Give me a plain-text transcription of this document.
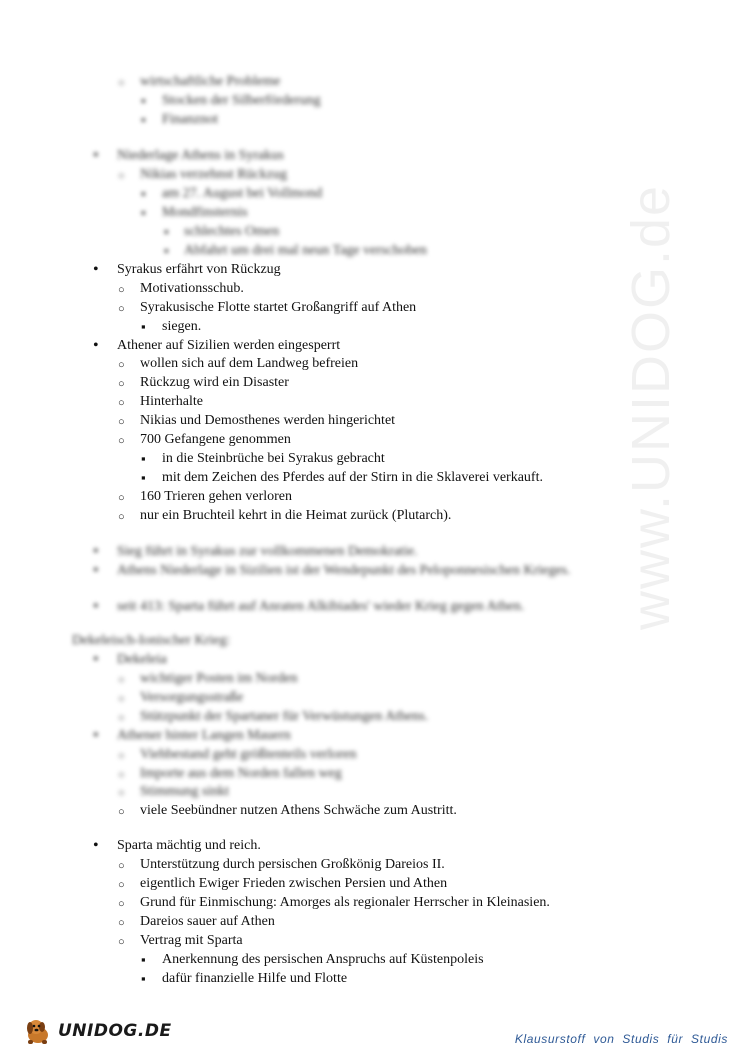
www.UNIDOG.de
○
wirtschaftliche Probleme
▪
Stocken der Silberförderung
▪
Finanznot
•
Niederlage Athens in Syrakus
○
Nikias verzehnst Rückzug
▪
am 27. August bei Vollmond
▪
Mondfinsternis
▪
schlechtes Omen
▪
Abfahrt um drei mal neun Tage verschoben
•
Syrakus erfährt von Rückzug
○
Motivationsschub.
○
Syrakusische Flotte startet Großangriff auf Athen
▪
siegen.
•
Athener auf Sizilien werden eingesperrt
○
wollen sich auf dem Landweg befreien
○
Rückzug wird ein Disaster
○
Hinterhalte
○
Nikias und Demosthenes werden hingerichtet
○
700 Gefangene genommen
▪
in die Steinbrüche bei Syrakus gebracht
▪
mit dem Zeichen des Pferdes auf der Stirn in die Sklaverei verkauft.
○
160 Trieren gehen verloren
○
nur ein Bruchteil kehrt in die Heimat zurück (Plutarch).
•
Sieg führt in Syrakus zur vollkommenen Demokratie.
•
Athens Niederlage in Sizilien ist der Wendepunkt des Peloponnesischen Krieges.
•
seit 413: Sparta führt auf Anraten Alkibiades' wieder Krieg gegen Athen.
Dekeleisch-Ionischer Krieg:
•
Dekeleia
○
wichtiger Posten im Norden
○
Versorgungsstraße
○
Stützpunkt der Spartaner für Verwüstungen Athens.
•
Athener hinter Langen Mauern
○
Viehbestand geht größtenteils verloren
○
Importe aus dem Norden fallen weg
○
Stimmung sinkt
○
viele Seebündner nutzen Athens Schwäche zum Austritt.
•
Sparta mächtig und reich.
○
Unterstützung durch persischen Großkönig Dareios II.
○
eigentlich Ewiger Frieden zwischen Persien und Athen
○
Grund für Einmischung: Amorges als regionaler Herrscher in Kleinasien.
○
Dareios sauer auf Athen
○
Vertrag mit Sparta
▪
Anerkennung des persischen Anspruchs auf Küstenpoleis
▪
dafür finanzielle Hilfe und Flotte
UNIDOG.DE	Klausurstoff von Studis für Studis
